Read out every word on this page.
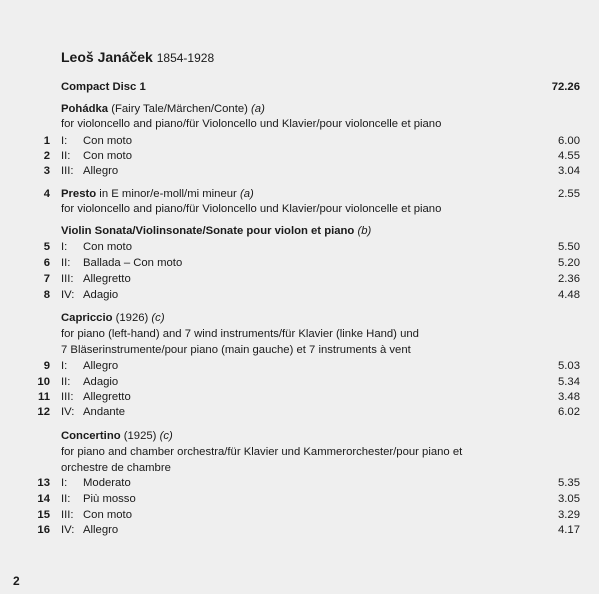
Leoš Janáček 1854-1928
Compact Disc 1	72.26
Pohádka (Fairy Tale/Märchen/Conte) (a)
for violoncello and piano/für Violoncello und Klavier/pour violoncelle et piano
1 I: Con moto	6.00
2 II: Con moto	4.55
3 III: Allegro	3.04
4 Presto in E minor/e-moll/mi mineur (a)	2.55
for violoncello and piano/für Violoncello und Klavier/pour violoncelle et piano
Violin Sonata/Violinsonate/Sonate pour violon et piano (b)
5 I: Con moto	5.50
6 II: Ballada – Con moto	5.20
7 III: Allegretto	2.36
8 IV: Adagio	4.48
Capriccio (1926) (c)
for piano (left-hand) and 7 wind instruments/für Klavier (linke Hand) und
7 Bläserinstrumente/pour piano (main gauche) et 7 instruments à vent
9 I: Allegro	5.03
10 II: Adagio	5.34
11 III: Allegretto	3.48
12 IV: Andante	6.02
Concertino (1925) (c)
for piano and chamber orchestra/für Klavier und Kammerorchester/pour piano et
orchestre de chambre
13 I: Moderato	5.35
14 II: Più mosso	3.05
15 III: Con moto	3.29
16 IV: Allegro	4.17
2
